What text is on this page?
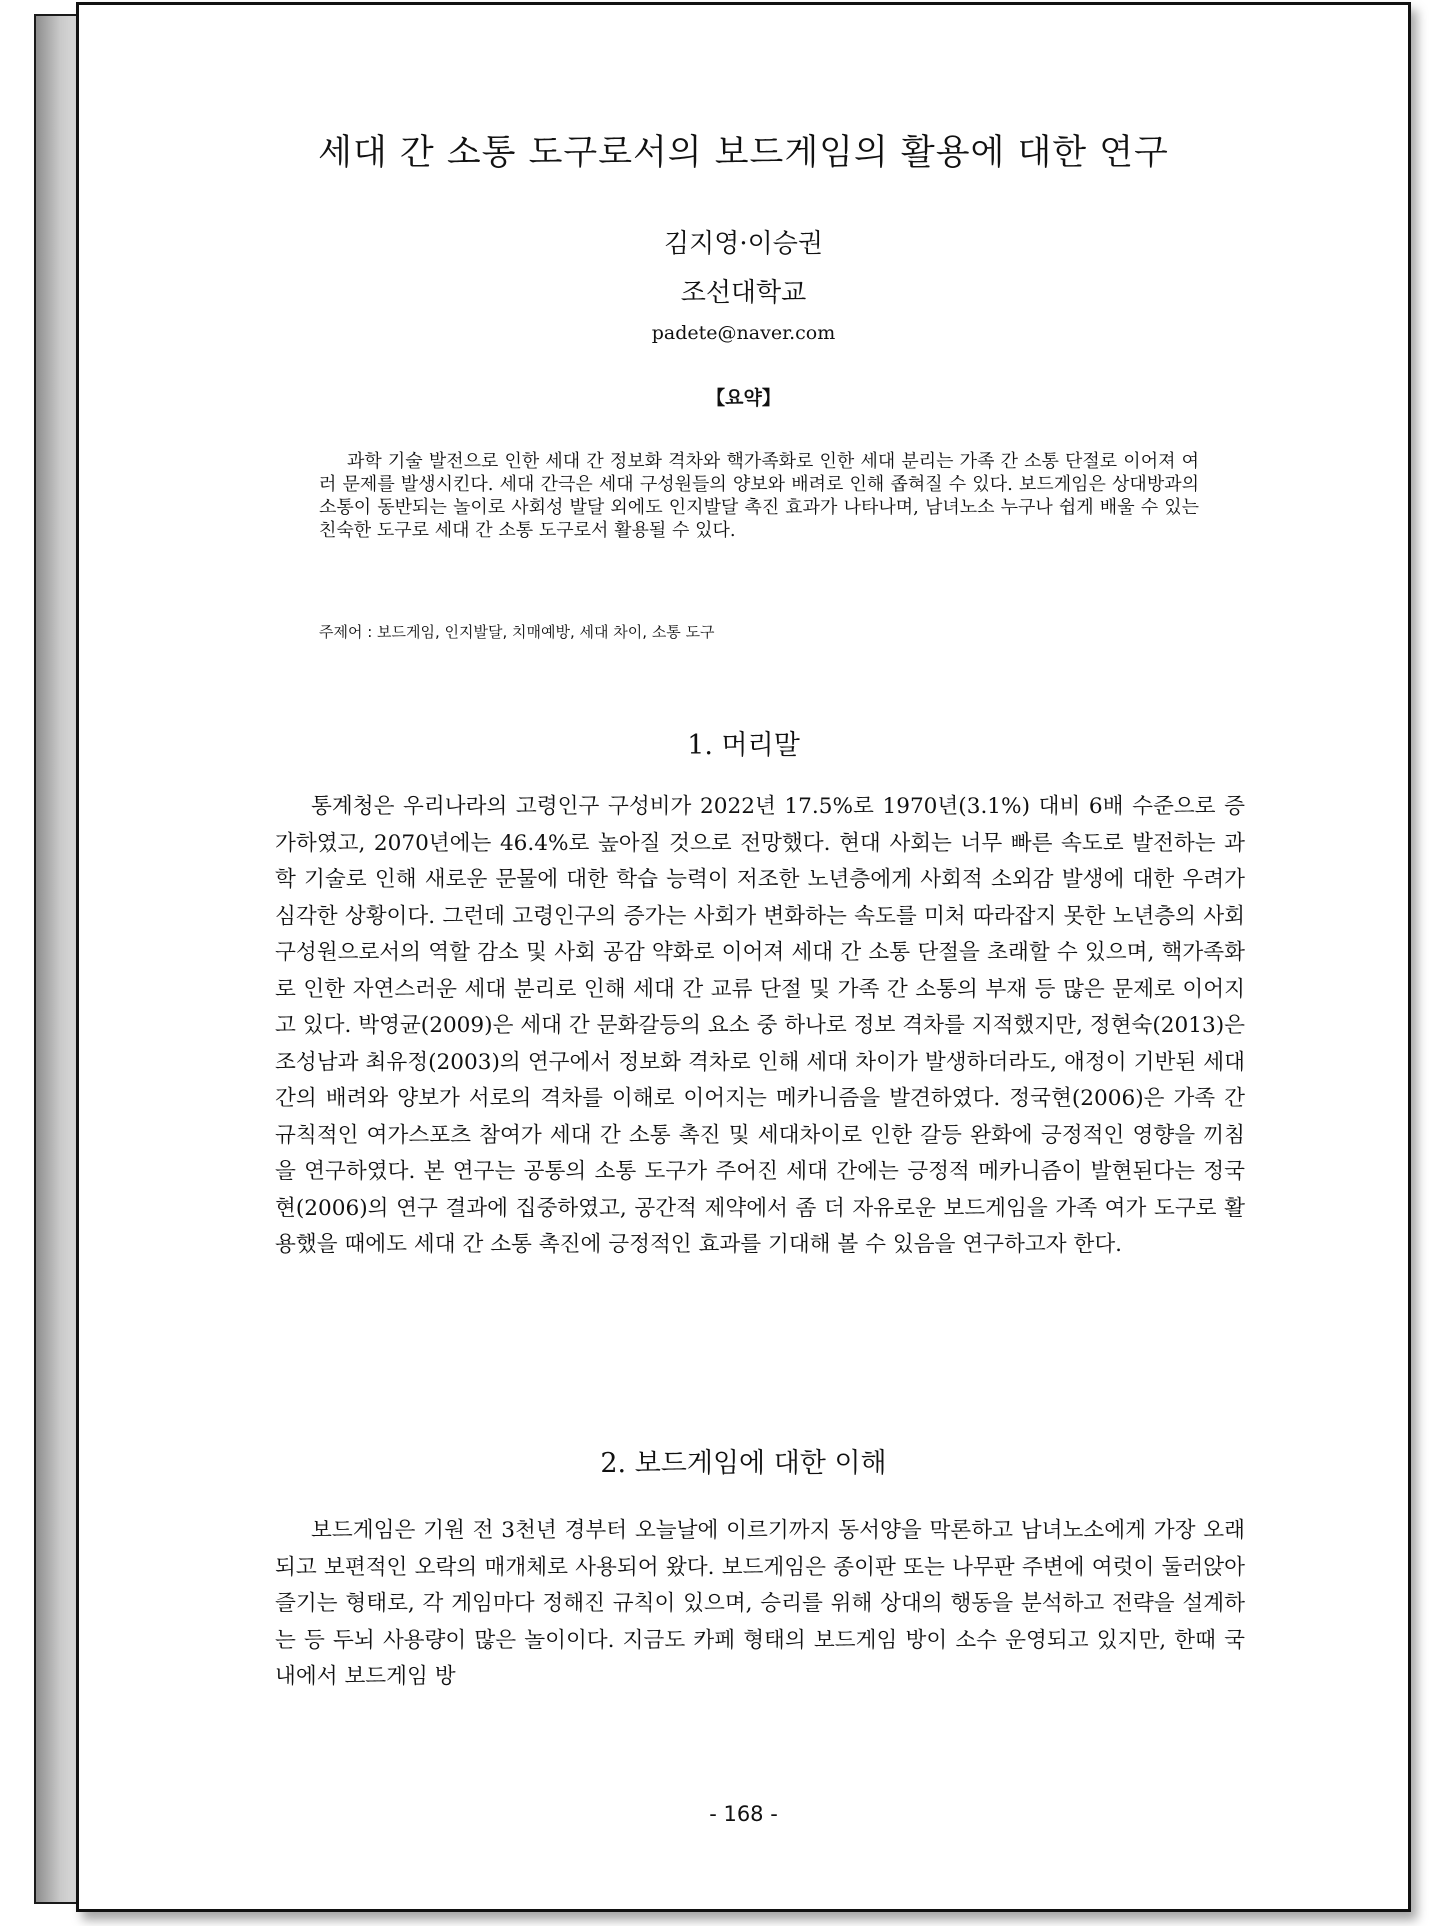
세대 간 소통 도구로서의 보드게임의 활용에 대한 연구
김지영·이승권
조선대학교
padete@naver.com
【요약】

과학 기술 발전으로 인한 세대 간 정보화 격차와 핵가족화로 인한 세대 분리는 가족 간 소통 단절로 이어져 여러 문제를 발생시킨다. 세대 간극은 세대 구성원들의 양보와 배려로 인해 좁혀질 수 있다. 보드게임은 상대방과의 소통이 동반되는 놀이로 사회성 발달 외에도 인지발달 촉진 효과가 나타나며, 남녀노소 누구나 쉽게 배울 수 있는 친숙한 도구로 세대 간 소통 도구로서 활용될 수 있다.

주제어 : 보드게임, 인지발달, 치매예방, 세대 차이, 소통 도구
1. 머리말

통계청은 우리나라의 고령인구 구성비가 2022년 17.5%로 1970년(3.1%) 대비 6배 수준으로 증가하였고, 2070년에는 46.4%로 높아질 것으로 전망했다. 현대 사회는 너무 빠른 속도로 발전하는 과학 기술로 인해 새로운 문물에 대한 학습 능력이 저조한 노년층에게 사회적 소외감 발생에 대한 우려가 심각한 상황이다. 그런데 고령인구의 증가는 사회가 변화하는 속도를 미처 따라잡지 못한 노년층의 사회 구성원으로서의 역할 감소 및 사회 공감 약화로 이어져 세대 간 소통 단절을 초래할 수 있으며, 핵가족화로 인한 자연스러운 세대 분리로 인해 세대 간 교류 단절 및 가족 간 소통의 부재 등 많은 문제로 이어지고 있다. 박영균(2009)은 세대 간 문화갈등의 요소 중 하나로 정보 격차를 지적했지만, 정현숙(2013)은 조성남과 최유정(2003)의 연구에서 정보화 격차로 인해 세대 차이가 발생하더라도, 애정이 기반된 세대 간의 배려와 양보가 서로의 격차를 이해로 이어지는 메카니즘을 발견하였다. 정국현(2006)은 가족 간 규칙적인 여가스포츠 참여가 세대 간 소통 촉진 및 세대차이로 인한 갈등 완화에 긍정적인 영향을 끼침을 연구하였다. 본 연구는 공통의 소통 도구가 주어진 세대 간에는 긍정적 메카니즘이 발현된다는 정국현(2006)의 연구 결과에 집중하였고, 공간적 제약에서 좀 더 자유로운 보드게임을 가족 여가 도구로 활용했을 때에도 세대 간 소통 촉진에 긍정적인 효과를 기대해 볼 수 있음을 연구하고자 한다.

2. 보드게임에 대한 이해

보드게임은 기원 전 3천년 경부터 오늘날에 이르기까지 동서양을 막론하고 남녀노소에게 가장 오래되고 보편적인 오락의 매개체로 사용되어 왔다. 보드게임은 종이판 또는 나무판 주변에 여럿이 둘러앉아 즐기는 형태로, 각 게임마다 정해진 규칙이 있으며, 승리를 위해 상대의 행동을 분석하고 전략을 설계하는 등 두뇌 사용량이 많은 놀이이다. 지금도 카페 형태의 보드게임 방이 소수 운영되고 있지만, 한때 국내에서 보드게임 방

- 168 -
